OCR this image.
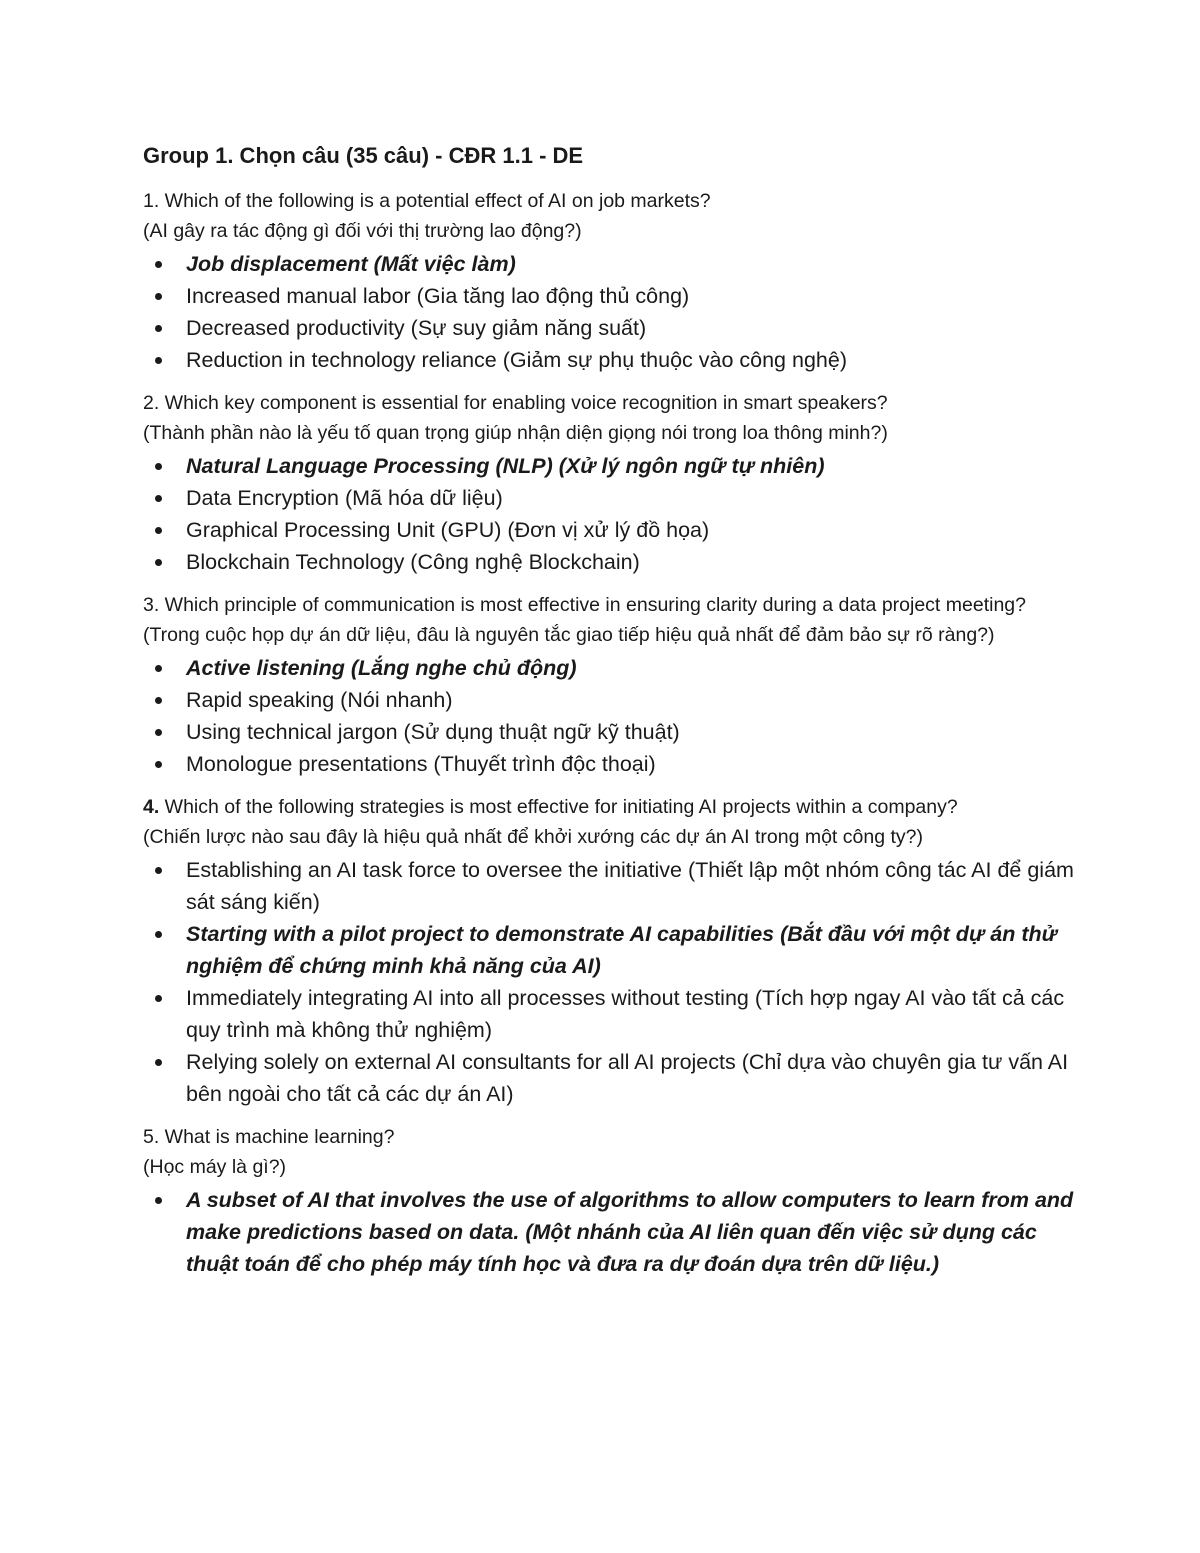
Group 1. Chọn câu (35 câu) - CĐR 1.1 - DE

1. Which of the following is a potential effect of AI on job markets?

(AI gây ra tác động gì đối với thị trường lao động?)

Job displacement (Mất việc làm)
Increased manual labor (Gia tăng lao động thủ công)
Decreased productivity (Sự suy giảm năng suất)
Reduction in technology reliance (Giảm sự phụ thuộc vào công nghệ)

2. Which key component is essential for enabling voice recognition in smart speakers?

(Thành phần nào là yếu tố quan trọng giúp nhận diện giọng nói trong loa thông minh?)

Natural Language Processing (NLP) (Xử lý ngôn ngữ tự nhiên)
Data Encryption (Mã hóa dữ liệu)
Graphical Processing Unit (GPU) (Đơn vị xử lý đồ họa)
Blockchain Technology (Công nghệ Blockchain)

3. Which principle of communication is most effective in ensuring clarity during a data project meeting?

(Trong cuộc họp dự án dữ liệu, đâu là nguyên tắc giao tiếp hiệu quả nhất để đảm bảo sự rõ ràng?)

Active listening (Lắng nghe chủ động)
Rapid speaking (Nói nhanh)
Using technical jargon (Sử dụng thuật ngữ kỹ thuật)
Monologue presentations (Thuyết trình độc thoại)

4. Which of the following strategies is most effective for initiating AI projects within a company?

(Chiến lược nào sau đây là hiệu quả nhất để khởi xướng các dự án AI trong một công ty?)

Establishing an AI task force to oversee the initiative (Thiết lập một nhóm công tác AI để giám sát sáng kiến)
Starting with a pilot project to demonstrate AI capabilities (Bắt đầu với một dự án thử nghiệm để chứng minh khả năng của AI)
Immediately integrating AI into all processes without testing (Tích hợp ngay AI vào tất cả các quy trình mà không thử nghiệm)
Relying solely on external AI consultants for all AI projects (Chỉ dựa vào chuyên gia tư vấn AI bên ngoài cho tất cả các dự án AI)

5. What is machine learning?

(Học máy là gì?)

A subset of AI that involves the use of algorithms to allow computers to learn from and make predictions based on data. (Một nhánh của AI liên quan đến việc sử dụng các thuật toán để cho phép máy tính học và đưa ra dự đoán dựa trên dữ liệu.)
